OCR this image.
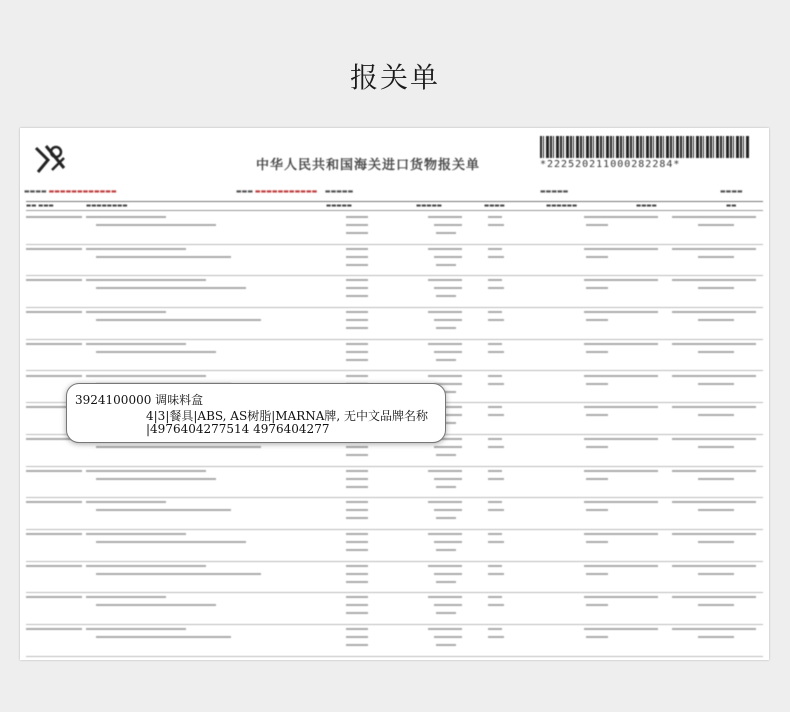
报关单
中华人民共和国海关进口货物报关单	*222520211000282284*
▬▬▬▬ ▬▬▬▬▬▬▬▬▬▬▬▬	▬▬▬ ▬▬▬▬▬▬▬▬▬▬▬    ▬▬▬▬▬	▬▬▬▬▬	▬▬▬▬
▬▬ ▬▬▬	▬▬▬▬▬▬▬▬	▬▬▬▬▬	▬▬▬▬▬	▬▬▬▬	▬▬▬▬▬▬	▬▬▬▬	▬▬
3924100000 调味料盒
4|3|餐具|ABS, AS树脂|MARNA牌, 无中文品牌名称
|4976404277514 4976404277
